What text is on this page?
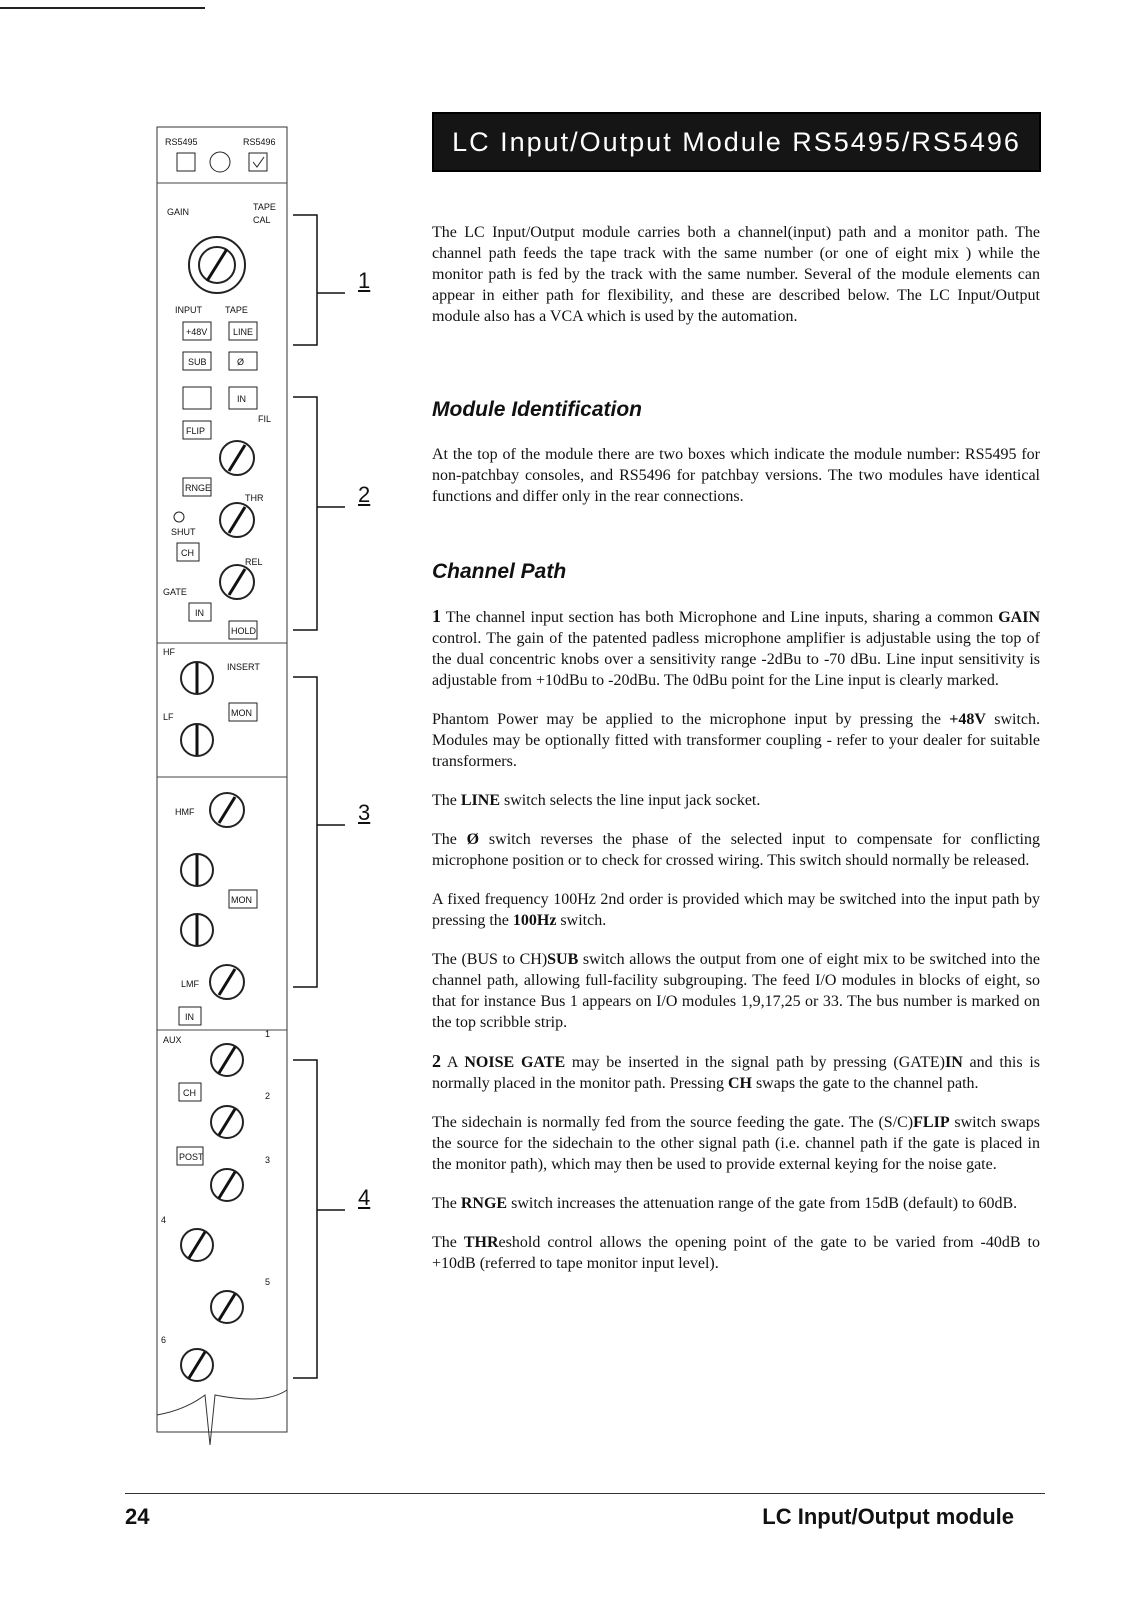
RS5495	RS5496
GAIN	TAPE
CAL
INPUT	TAPE
+48V	LINE
SUB	Ø
IN
FIL
FLIP
RNGE
THR
SHUT
CH
REL
GATE
IN
HOLD
HF
INSERT
MON
LF
HMF
MON
LMF
IN
AUX
1
CH	2
POST	3
4
5
6
1
2
3
4
LC Input/Output Module RS5495/RS5496

The LC Input/Output module carries both a channel(input) path and a monitor path. The channel path feeds the tape track with the same number (or one of eight mix ) while the monitor path is fed by the track with the same number. Several of the module elements can appear in either path for flexibility, and these are described below. The LC Input/Output module also has a VCA which is used by the automation.

Module Identification

At the top of the module there are two boxes which indicate the module number: RS5495 for non-patchbay consoles, and RS5496 for patchbay versions. The two modules have identical functions and differ only in the rear connections.

Channel Path

1 The channel input section has both Microphone and Line inputs, sharing a common GAIN control. The gain of the patented padless microphone amplifier is adjustable using the top of the dual concentric knobs over a sensitivity range -2dBu to -70 dBu. Line input sensitivity is adjustable from +10dBu to -20dBu. The 0dBu point for the Line input is clearly marked.

Phantom Power may be applied to the microphone input by pressing the +48V switch. Modules may be optionally fitted with transformer coupling - refer to your dealer for suitable transformers.

The LINE switch selects the line input jack socket.

The Ø switch reverses the phase of the selected input to compensate for conflicting microphone position or to check for crossed wiring. This switch should normally be released.

A fixed frequency 100Hz 2nd order is provided which may be switched into the input path by pressing the 100Hz switch.

The (BUS to CH)SUB switch allows the output from one of eight mix to be switched into the channel path, allowing full-facility subgrouping. The feed I/O modules in blocks of eight, so that for instance Bus 1 appears on I/O modules 1,9,17,25 or 33. The bus number is marked on the top scribble strip.

2 A NOISE GATE may be inserted in the signal path by pressing (GATE)IN and this is normally placed in the monitor path. Pressing CH swaps the gate to the channel path.

The sidechain is normally fed from the source feeding the gate. The (S/C)FLIP switch swaps the source for the sidechain to the other signal path (i.e. channel path if the gate is placed in the monitor path), which may then be used to provide external keying for the noise gate.

The RNGE switch increases the attenuation range of the gate from 15dB (default) to 60dB.

The THReshold control allows the opening point of the gate to be varied from -40dB to +10dB (referred to tape monitor input level).

24	LC Input/Output module
